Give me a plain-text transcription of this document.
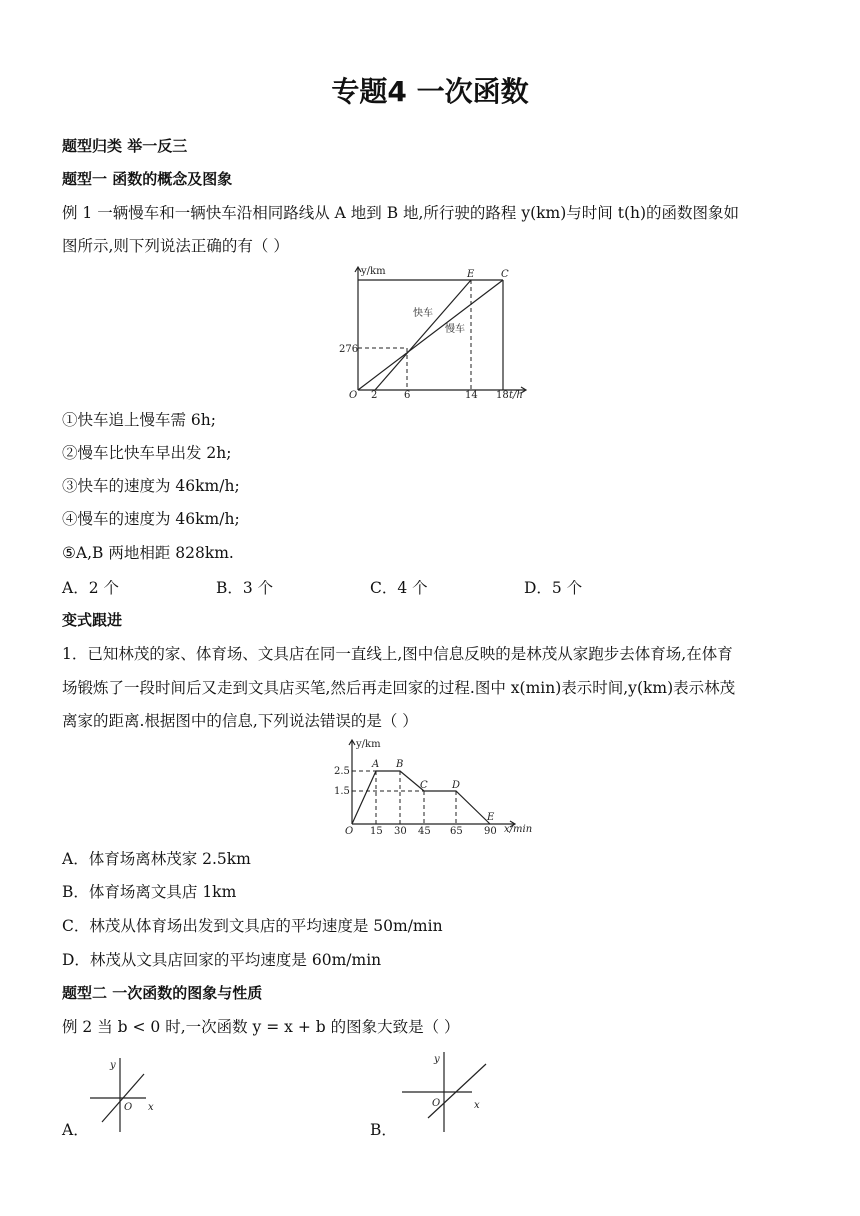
专题4 一次函数
题型归类 举一反三
题型一 函数的概念及图象
例 1 一辆慢车和一辆快车沿相同路线从 A 地到 B 地,所行驶的路程 y(km)与时间 t(h)的函数图象如
图所示,则下列说法正确的有（ ）
y/km
t/h
O 2	6	14 18
276
E	C
快车
慢车
①快车追上慢车需 6h;
②慢车比快车早出发 2h;
③快车的速度为 46km/h;
④慢车的速度为 46km/h;
⑤A,B 两地相距 828km.
A．2 个	B．3 个	C．4 个	D．5 个
变式跟进
1．已知林茂的家、体育场、文具店在同一直线上,图中信息反映的是林茂从家跑步去体育场,在体育
场锻炼了一段时间后又走到文具店买笔,然后再走回家的过程.图中 x(min)表示时间,y(km)表示林茂
离家的距离.根据图中的信息,下列说法错误的是（ ）
y/km
x/min
O 15 30 45 65 90
2.5
1.5
A B
C D
E
A．体育场离林茂家 2.5km
B．体育场离文具店 1km
C．林茂从体育场出发到文具店的平均速度是 50m/min
D．林茂从文具店回家的平均速度是 60m/min
题型二 一次函数的图象与性质
例 2 当 b < 0 时,一次函数 y = x + b 的图象大致是（ ）
A．
y
x
O
B．
y
x
O
